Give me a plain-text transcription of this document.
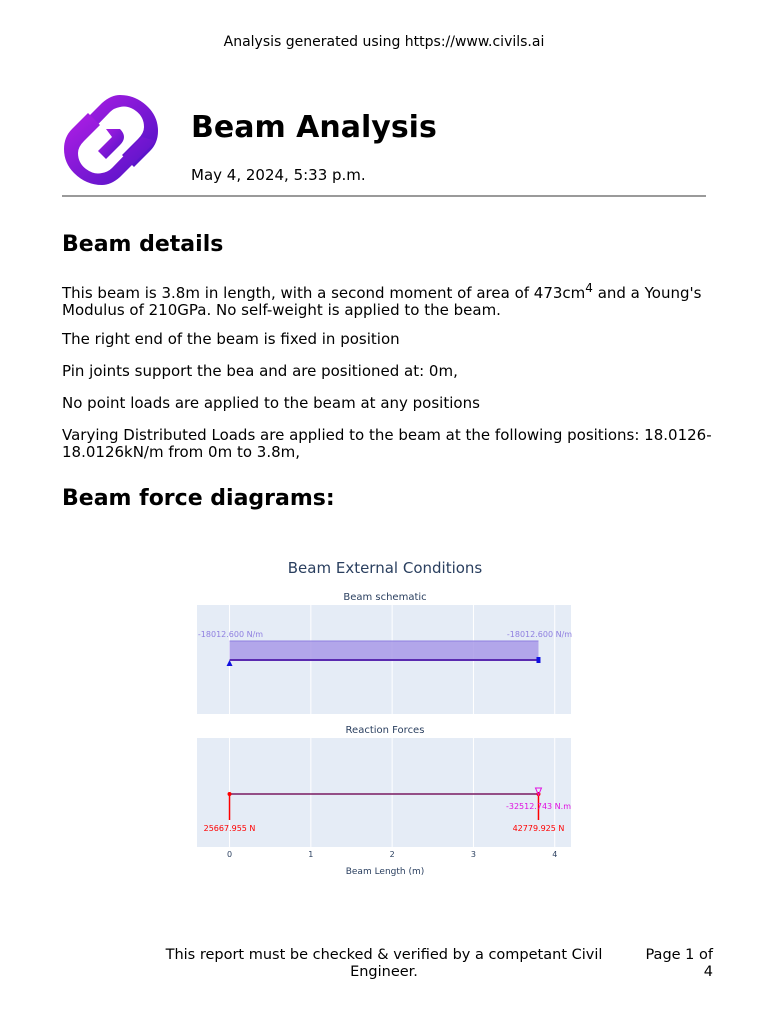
Analysis generated using https://www.civils.ai
Beam Analysis
May 4, 2024, 5:33 p.m.
Beam details

This beam is 3.8m in length, with a second moment of area of $473cm^4$ and a Young's Modulus of 210GPa. No self-weight is applied to the beam.

The right end of the beam is fixed in position

Pin joints support the bea and are positioned at: 0m,

No point loads are applied to the beam at any positions

Varying Distributed Loads are applied to the beam at the following positions: 18.0126-18.0126kN/m from 0m to 3.8m,

Beam force diagrams:
Beam External Conditions
Beam schematic
Reaction Forces
-18012.600 N/m	-18012.600 N/m
25667.955 N	42779.925 N
-32512.743 N.m
0	1	2	3	4
Beam Length (m)
This report must be checked & verified by a competant Civil Engineer.
Page 1 of 4
